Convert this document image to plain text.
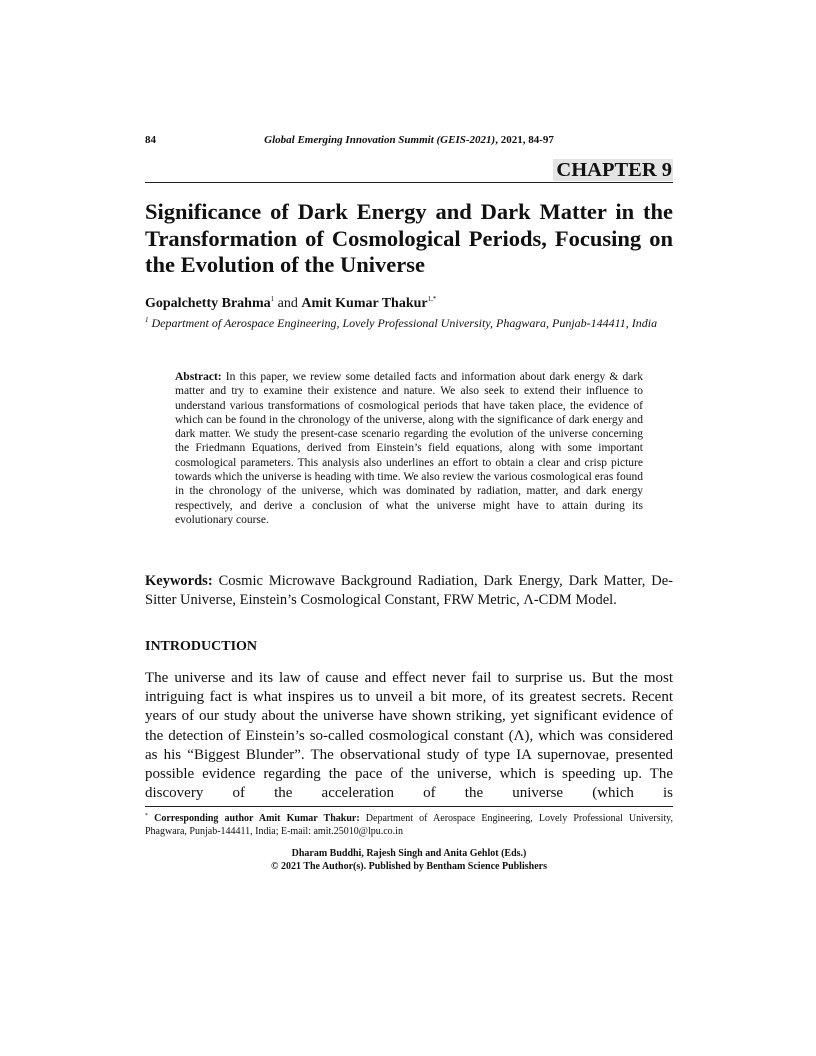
84	Global Emerging Innovation Summit (GEIS-2021), 2021, 84-97
CHAPTER 9
Significance of Dark Energy and Dark Matter in the Transformation of Cosmological Periods, Focusing on the Evolution of the Universe
Gopalchetty Brahma$^1$ and Amit Kumar Thakur$^{1,*}$
$^1$ Department of Aerospace Engineering, Lovely Professional University, Phagwara, Punjab-144411, India
Abstract: In this paper, we review some detailed facts and information about dark energy & dark matter and try to examine their existence and nature. We also seek to extend their influence to understand various transformations of cosmological periods that have taken place, the evidence of which can be found in the chronology of the universe, along with the significance of dark energy and dark matter. We study the present-case scenario regarding the evolution of the universe concerning the Friedmann Equations, derived from Einstein’s field equations, along with some important cosmological parameters. This analysis also underlines an effort to obtain a clear and crisp picture towards which the universe is heading with time. We also review the various cosmological eras found in the chronology of the universe, which was dominated by radiation, matter, and dark energy respectively, and derive a conclusion of what the universe might have to attain during its evolutionary course.
Keywords: Cosmic Microwave Background Radiation, Dark Energy, Dark Matter, De-Sitter Universe, Einstein’s Cosmological Constant, FRW Metric, Λ-CDM Model.
INTRODUCTION
The universe and its law of cause and effect never fail to surprise us. But the most intriguing fact is what inspires us to unveil a bit more, of its greatest secrets. Recent years of our study about the universe have shown striking, yet significant evidence of the detection of Einstein’s so-called cosmological constant (Λ), which was considered as his “Biggest Blunder”. The observational study of type IA supernovae, presented possible evidence regarding the pace of the universe, which is speeding up. The discovery of the acceleration of the universe (which is
* Corresponding author Amit Kumar Thakur: Department of Aerospace Engineering, Lovely Professional University, Phagwara, Punjab-144411, India; E-mail: amit.25010@lpu.co.in
Dharam Buddhi, Rajesh Singh and Anita Gehlot (Eds.)
© 2021 The Author(s). Published by Bentham Science Publishers
